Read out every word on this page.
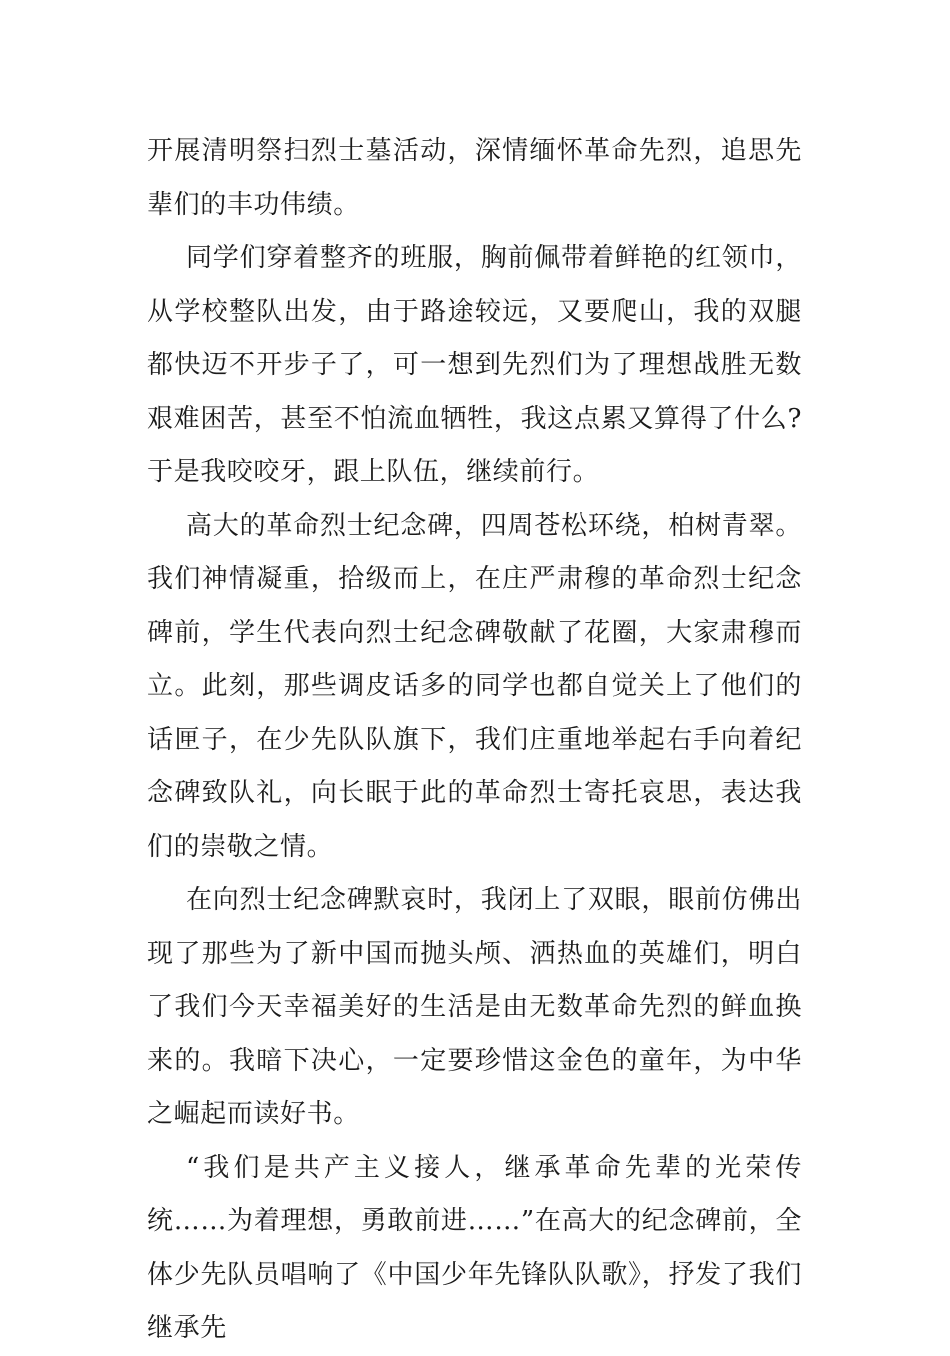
开展清明祭扫烈士墓活动，深情缅怀革命先烈，追思先辈们的丰功伟绩。

同学们穿着整齐的班服，胸前佩带着鲜艳的红领巾，从学校整队出发，由于路途较远，又要爬山，我的双腿都快迈不开步子了，可一想到先烈们为了理想战胜无数艰难困苦，甚至不怕流血牺牲，我这点累又算得了什么?于是我咬咬牙，跟上队伍，继续前行。

高大的革命烈士纪念碑，四周苍松环绕，柏树青翠。我们神情凝重，拾级而上，在庄严肃穆的革命烈士纪念碑前，学生代表向烈士纪念碑敬献了花圈，大家肃穆而立。此刻，那些调皮话多的同学也都自觉关上了他们的话匣子，在少先队队旗下，我们庄重地举起右手向着纪念碑致队礼，向长眠于此的革命烈士寄托哀思，表达我们的崇敬之情。

在向烈士纪念碑默哀时，我闭上了双眼，眼前仿佛出现了那些为了新中国而抛头颅、洒热血的英雄们，明白了我们今天幸福美好的生活是由无数革命先烈的鲜血换来的。我暗下决心，一定要珍惜这金色的童年，为中华之崛起而读好书。

“我们是共产主义接人，继承革命先辈的光荣传统……为着理想，勇敢前进……”在高大的纪念碑前，全体少先队员唱响了《中国少年先锋队队歌》，抒发了我们继承先
